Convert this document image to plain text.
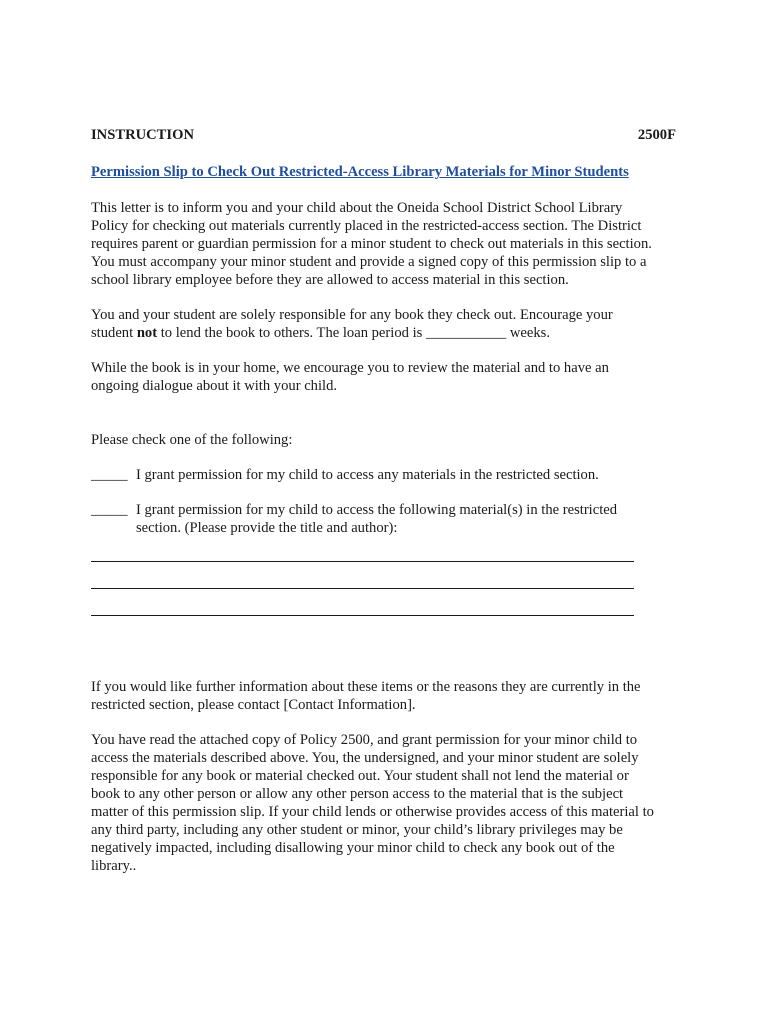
INSTRUCTION	2500F

Permission Slip to Check Out Restricted-Access Library Materials for Minor Students

This letter is to inform you and your child about the Oneida School District School Library
Policy for checking out materials currently placed in the restricted-access section. The District
requires parent or guardian permission for a minor student to check out materials in this section.
You must accompany your minor student and provide a signed copy of this permission slip to a
school library employee before they are allowed to access material in this section.
You and your student are solely responsible for any book they check out. Encourage your
student not to lend the book to others. The loan period is ___________ weeks.
While the book is in your home, we encourage you to review the material and to have an
ongoing dialogue about it with your child.

Please check one of the following:

_____ I grant permission for my child to access any materials in the restricted section.
_____ I grant permission for my child to access the following material(s) in the restricted
section. (Please provide the title and author):
If you would like further information about these items or the reasons they are currently in the
restricted section, please contact [Contact Information].
You have read the attached copy of Policy 2500, and grant permission for your minor child to
access the materials described above. You, the undersigned, and your minor student are solely
responsible for any book or material checked out. Your student shall not lend the material or
book to any other person or allow any other person access to the material that is the subject
matter of this permission slip. If your child lends or otherwise provides access of this material to
any third party, including any other student or minor, your child’s library privileges may be
negatively impacted, including disallowing your minor child to check any book out of the
library..
